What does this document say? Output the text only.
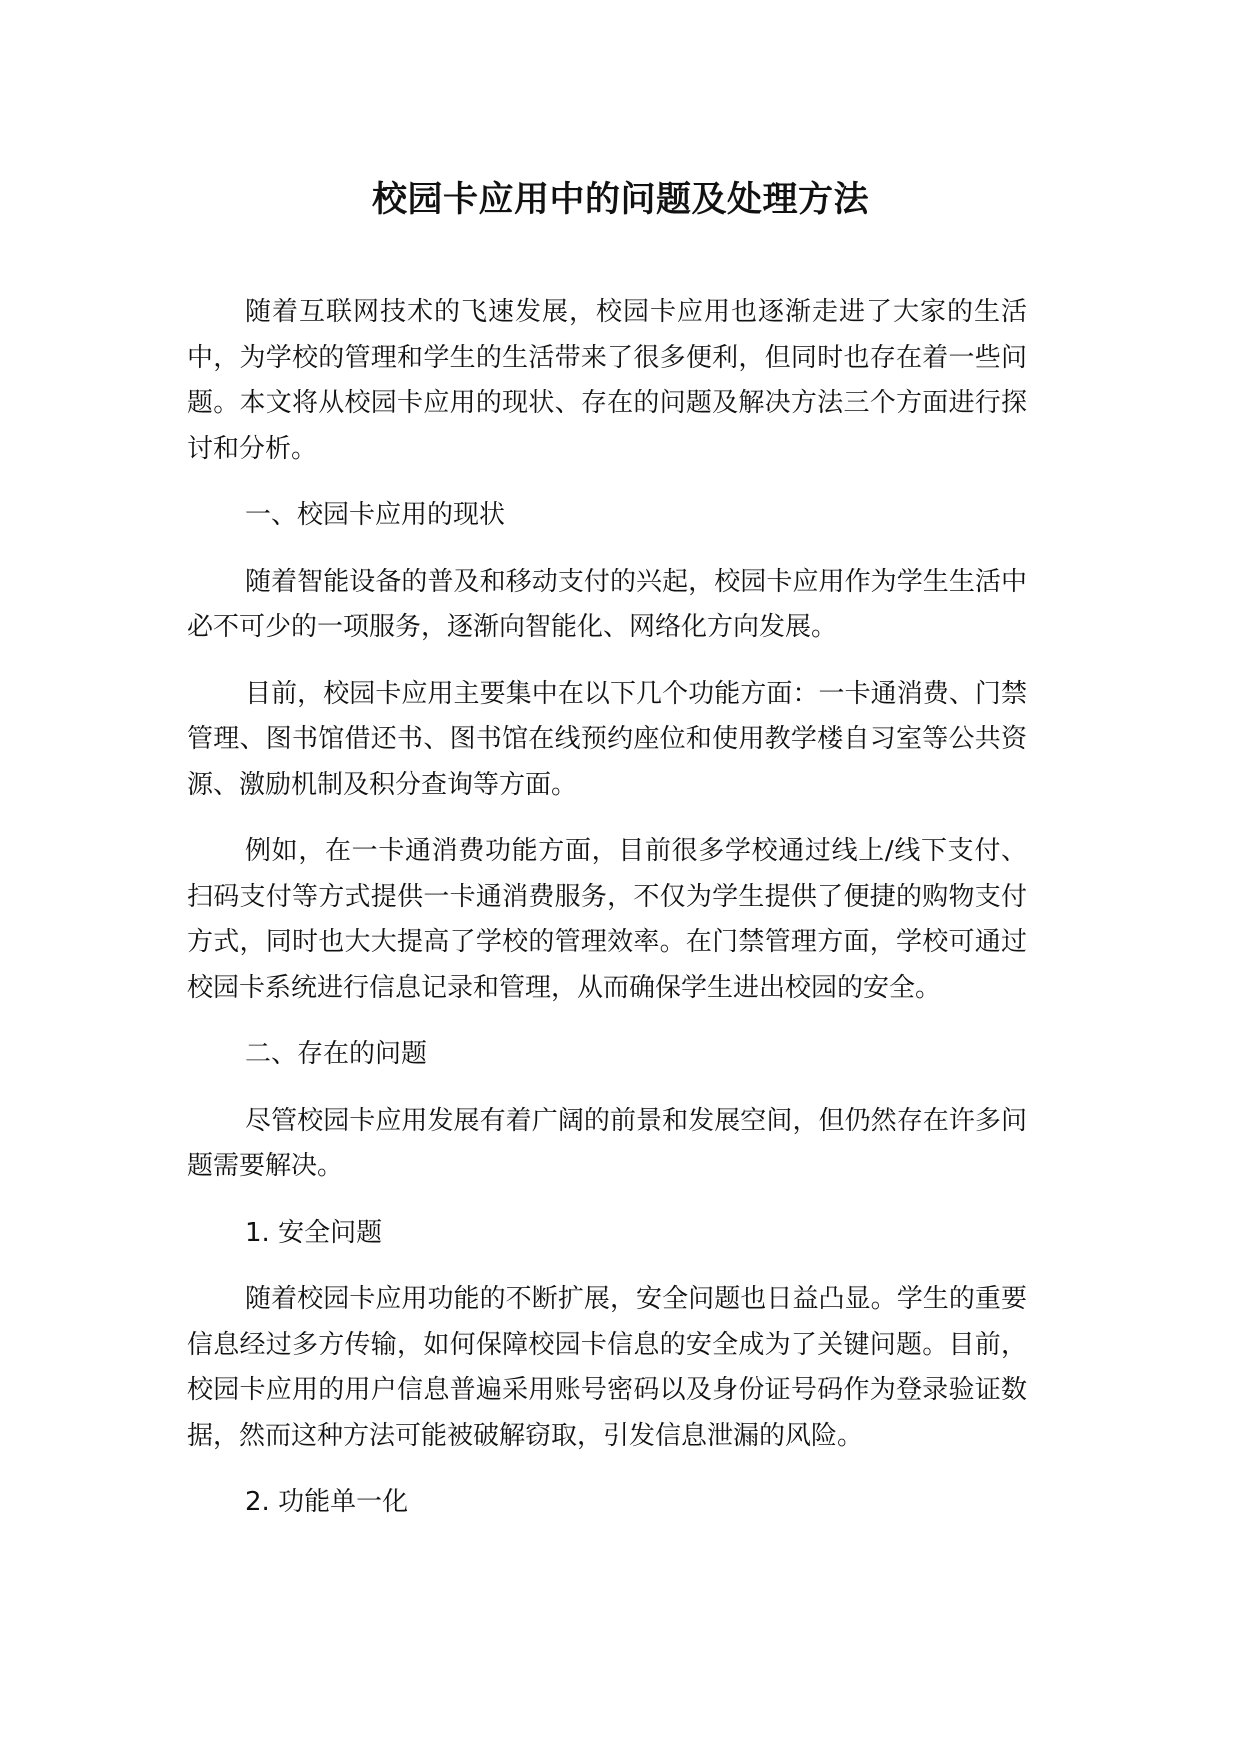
校园卡应用中的问题及处理方法

随着互联网技术的飞速发展，校园卡应用也逐渐走进了大家的生活中，为学校的管理和学生的生活带来了很多便利，但同时也存在着一些问题。本文将从校园卡应用的现状、存在的问题及解决方法三个方面进行探讨和分析。

一、校园卡应用的现状

随着智能设备的普及和移动支付的兴起，校园卡应用作为学生生活中必不可少的一项服务，逐渐向智能化、网络化方向发展。

目前，校园卡应用主要集中在以下几个功能方面：一卡通消费、门禁管理、图书馆借还书、图书馆在线预约座位和使用教学楼自习室等公共资源、激励机制及积分查询等方面。

例如，在一卡通消费功能方面，目前很多学校通过线上/线下支付、扫码支付等方式提供一卡通消费服务，不仅为学生提供了便捷的购物支付方式，同时也大大提高了学校的管理效率。在门禁管理方面，学校可通过校园卡系统进行信息记录和管理，从而确保学生进出校园的安全。

二、存在的问题

尽管校园卡应用发展有着广阔的前景和发展空间，但仍然存在许多问题需要解决。

1. 安全问题

随着校园卡应用功能的不断扩展，安全问题也日益凸显。学生的重要信息经过多方传输，如何保障校园卡信息的安全成为了关键问题。目前，校园卡应用的用户信息普遍采用账号密码以及身份证号码作为登录验证数据，然而这种方法可能被破解窃取，引发信息泄漏的风险。

2. 功能单一化
